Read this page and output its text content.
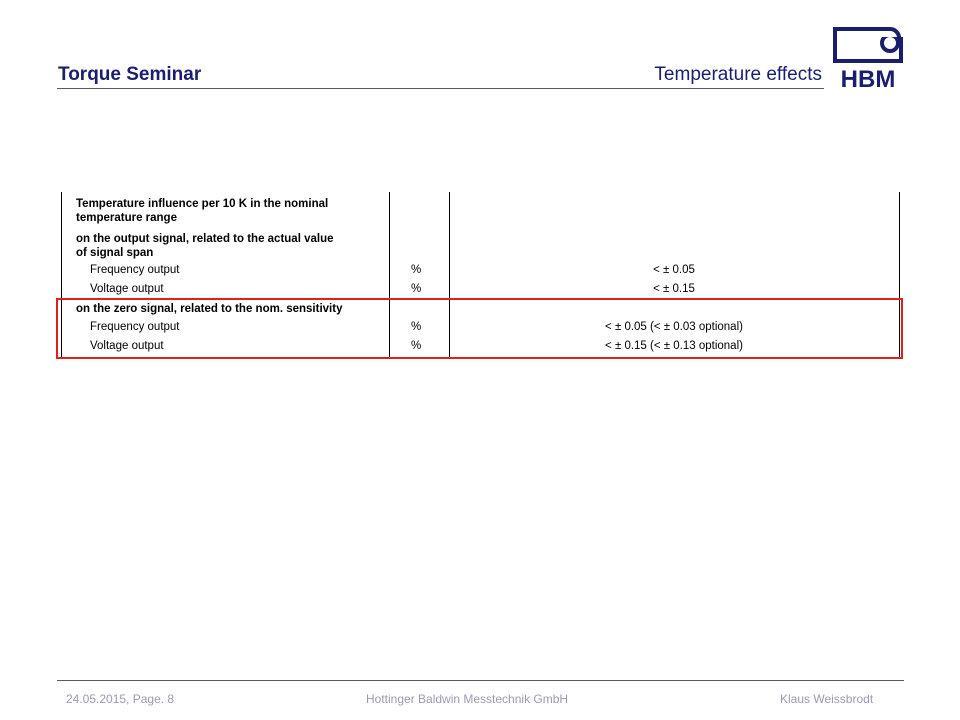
Torque Seminar	Temperature effects HBM
Temperature influence per 10 K in the nominal
temperature range
on the output signal, related to the actual value
of signal span
Frequency output	%	< ± 0.05
Voltage output	%	< ± 0.15
on the zero signal, related to the nom. sensitivity
Frequency output	%	< ± 0.05 (< ± 0.03 optional)
Voltage output	%	< ± 0.15 (< ± 0.13 optional)
24.05.2015, Page. 8	Hottinger Baldwin Messtechnik GmbH	Klaus Weissbrodt
